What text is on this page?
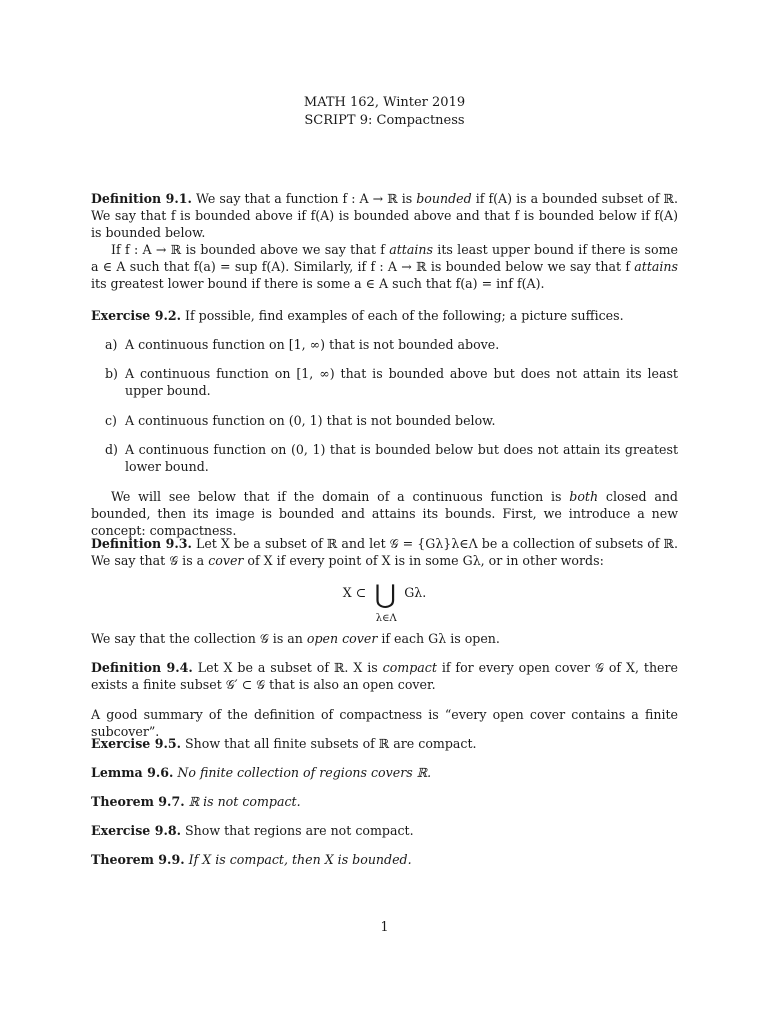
MATH 162, Winter 2019
SCRIPT 9: Compactness

Definition 9.1. We say that a function f : A → ℝ is bounded if f(A) is a bounded subset of ℝ. We say that f is bounded above if f(A) is bounded above and that f is bounded below if f(A) is bounded below.

If f : A → ℝ is bounded above we say that f attains its least upper bound if there is some a ∈ A such that f(a) = sup f(A). Similarly, if f : A → ℝ is bounded below we say that f attains its greatest lower bound if there is some a ∈ A such that f(a) = inf f(A).

Exercise 9.2. If possible, find examples of each of the following; a picture suffices.

a) A continuous function on [1, ∞) that is not bounded above.
b) A continuous function on [1, ∞) that is bounded above but does not attain its least upper bound.
c) A continuous function on (0, 1) that is not bounded below.
d) A continuous function on (0, 1) that is bounded below but does not attain its greatest lower bound.

We will see below that if the domain of a continuous function is both closed and bounded, then its image is bounded and attains its bounds. First, we introduce a new concept: compactness.

Definition 9.3. Let X be a subset of ℝ and let 𝒢 = {Gλ}λ∈Λ be a collection of subsets of ℝ. We say that 𝒢 is a cover of X if every point of X is in some Gλ, or in other words:

X ⊂ ⋃
λ∈Λ
Gλ.

We say that the collection 𝒢 is an open cover if each Gλ is open.

Definition 9.4. Let X be a subset of ℝ. X is compact if for every open cover 𝒢 of X, there exists a finite subset 𝒢′ ⊂ 𝒢 that is also an open cover.

A good summary of the definition of compactness is “every open cover contains a finite subcover”.

Exercise 9.5. Show that all finite subsets of ℝ are compact.

Lemma 9.6. No finite collection of regions covers ℝ.

Theorem 9.7. ℝ is not compact.

Exercise 9.8. Show that regions are not compact.

Theorem 9.9. If X is compact, then X is bounded.

1
